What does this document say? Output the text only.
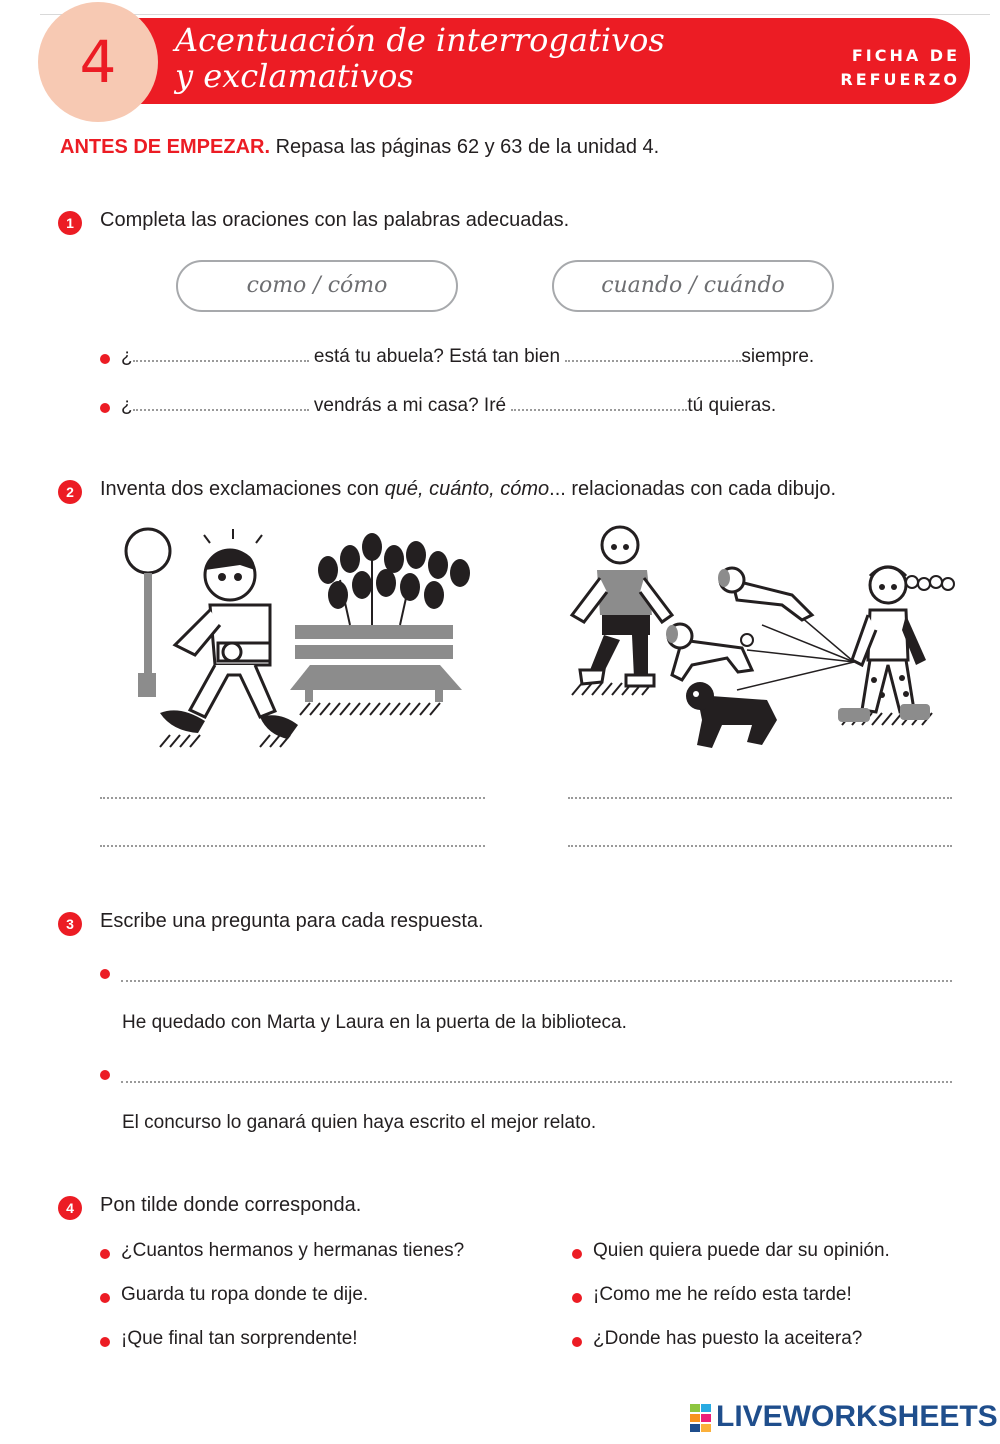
4	Acentuación de interrogativos
y exclamativos
FICHA DE
REFUERZO
ANTES DE EMPEZAR. Repasa las páginas 62 y 63 de la unidad 4.
1	Completa las oraciones con las palabras adecuadas.
como / cómo	cuando / cuándo
¿	está tu abuela? Está tan bien	siempre.
¿	vendrás a mi casa? Iré	tú quieras.
2	Inventa dos exclamaciones con qué, cuánto, cómo... relacionadas con cada dibujo.
3	Escribe una pregunta para cada respuesta.
He quedado con Marta y Laura en la puerta de la biblioteca.
El concurso lo ganará quien haya escrito el mejor relato.
4	Pon tilde donde corresponda.
¿Cuantos hermanos y hermanas tienes?
Guarda tu ropa donde te dije.
¡Que final tan sorprendente!
Quien quiera puede dar su opinión.
¡Como me he reído esta tarde!
¿Donde has puesto la aceitera?
LIVEWORKSHEETS
